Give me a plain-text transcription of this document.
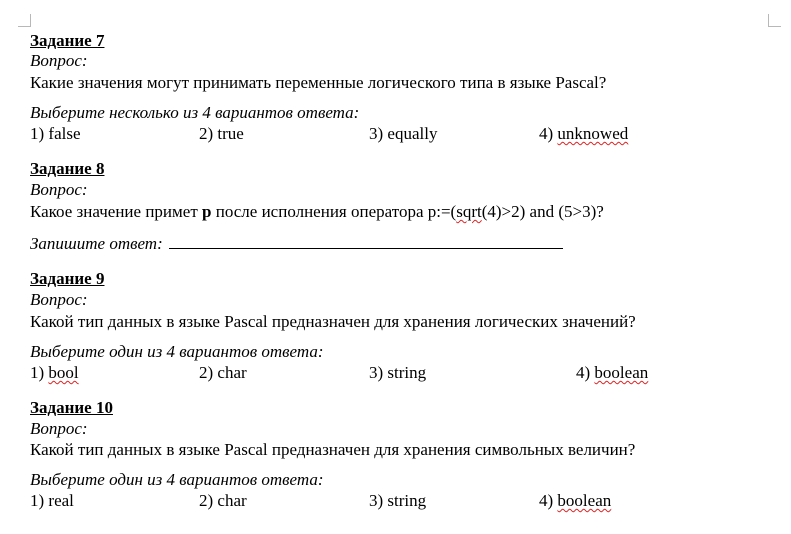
Задание 7
Вопрос:
Какие значения могут принимать переменные логического типа в языке Pascal?
Выберите несколько из 4 вариантов ответа:
1) false	2) true	3) equally	4) unknowed
Задание 8
Вопрос:
Какое значение примет p после исполнения оператора p:=(sqrt(4)>2) and (5>3)?
Запишите ответ:
Задание 9
Вопрос:
Какой тип данных в языке Pascal предназначен для хранения логических значений?
Выберите один из 4 вариантов ответа:
1) bool	2) char	3) string	4) boolean
Задание 10
Вопрос:
Какой тип данных в языке Pascal предназначен для хранения символьных величин?
Выберите один из 4 вариантов ответа:
1) real	2) char	3) string	4) boolean
